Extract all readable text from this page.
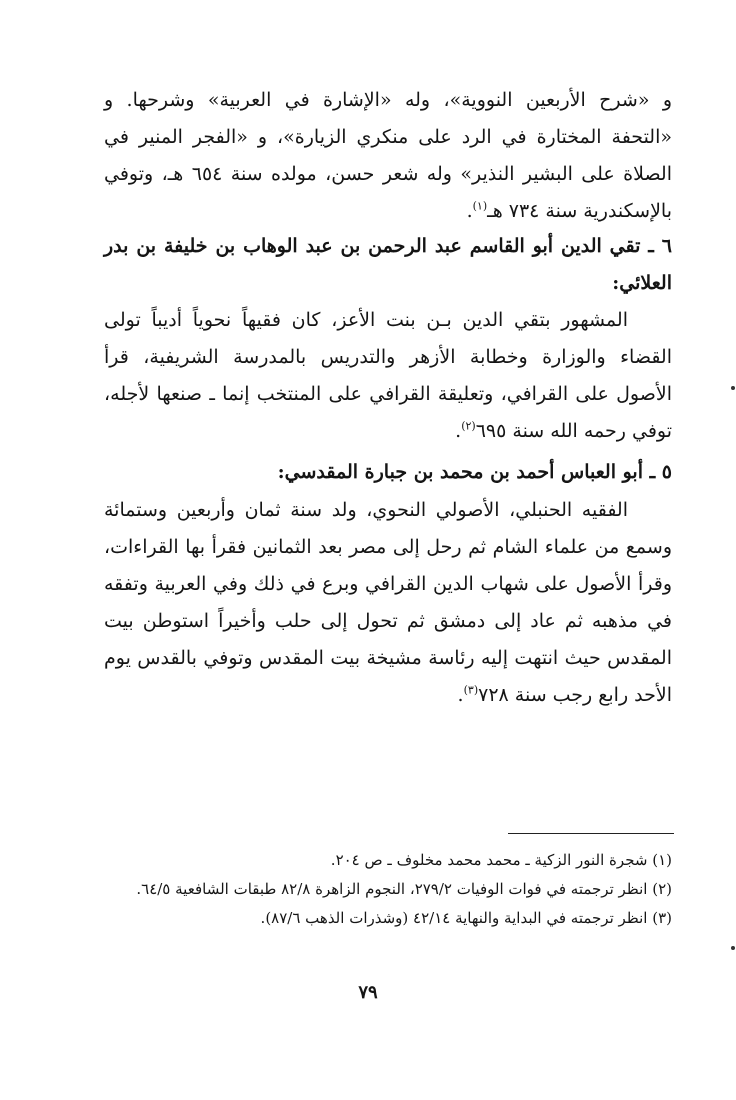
و «شرح الأربعين النووية»، وله «الإشارة في العربية» وشرحها. و «التحفة المختارة في الرد على منكري الزيارة»، و «الفجر المنير في الصلاة على البشير النذير» وله شعر حسن، مولده سنة ٦٥٤ هـ، وتوفي بالإسكندرية سنة ٧٣٤ هـ$^{(١)}$.

٦ ـ تقي الدين أبو القاسم عبد الرحمن بن عبد الوهاب بن خليفة بن بدر العلائي:

المشهور بتقي الدين بـن بنت الأعز، كان فقيهاً نحوياً أديباً تولى القضاء والوزارة وخطابة الأزهر والتدريس بالمدرسة الشريفية، قرأ الأصول على القرافي، وتعليقة القرافي على المنتخب إنما ـ صنعها لأجله، توفي رحمه الله سنة ٦٩٥$^{(٢)}$.

٥ ـ أبو العباس أحمد بن محمد بن جبارة المقدسي:

الفقيه الحنبلي، الأصولي النحوي، ولد سنة ثمان وأربعين وستمائة وسمع من علماء الشام ثم رحل إلى مصر بعد الثمانين فقرأ بها القراءات، وقرأ الأصول على شهاب الدين القرافي وبرع في ذلك وفي العربية وتفقه في مذهبه ثم عاد إلى دمشق ثم تحول إلى حلب وأخيراً استوطن بيت المقدس حيث انتهت إليه رئاسة مشيخة بيت المقدس وتوفي بالقدس يوم الأحد رابع رجب سنة ٧٢٨$^{(٣)}$.

(١) شجرة النور الزكية ـ محمد محمد مخلوف ـ ص ٢٠٤.

(٢) انظر ترجمته في فوات الوفيات ٢٧٩/٢، النجوم الزاهرة ٨٢/٨ طبقات الشافعية ٦٤/٥.

(٣) انظر ترجمته في البداية والنهاية ٤٢/١٤ (وشذرات الذهب ٨٧/٦).

٧٩
